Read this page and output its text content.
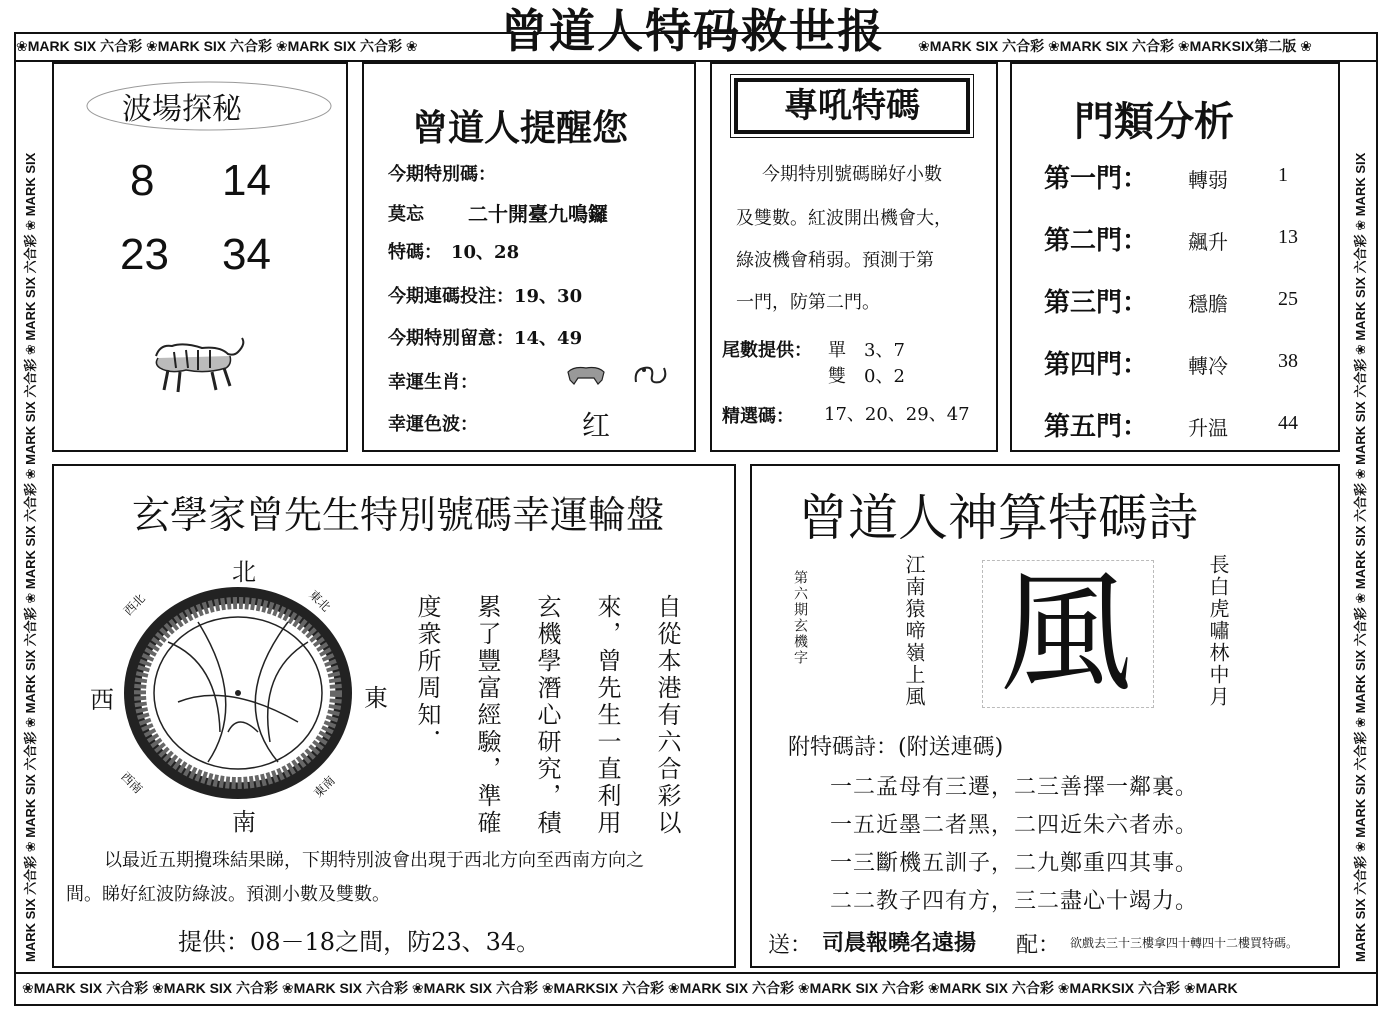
曾道人特码救世报
❀MARK SIX 六合彩 ❀MARK SIX 六合彩 ❀MARK SIX 六合彩 ❀	❀MARK SIX 六合彩 ❀MARK SIX 六合彩 ❀MARKSIX第二版 ❀
MARK SIX 六合彩 ❀ MARK SIX 六合彩 ❀ MARK SIX 六合彩 ❀ MARK SIX 六合彩 ❀ MARK SIX 六合彩 ❀ MARK SIX 六合彩 ❀ MARK SIX	MARK SIX 六合彩 ❀ MARK SIX 六合彩 ❀ MARK SIX 六合彩 ❀ MARK SIX 六合彩 ❀ MARK SIX 六合彩 ❀ MARK SIX 六合彩 ❀ MARK SIX
❀MARK SIX 六合彩 ❀MARK SIX 六合彩 ❀MARK SIX 六合彩 ❀MARK SIX 六合彩 ❀MARKSIX 六合彩 ❀MARK SIX 六合彩 ❀MARK SIX 六合彩 ❀MARK SIX 六合彩 ❀MARKSIX 六合彩 ❀MARK
波場探秘
8 14
23 34
曾道人提醒您
今期特別碼：
莫忘 二十開臺九鳴鑼
特碼：　10、28
今期連碼投注：19、30
今期特別留意：14、49
幸運生肖：
幸運色波：	红
專吼特碼
今期特別號碼睇好小數
及雙數。紅波開出機會大，
綠波機會稍弱。預測于第
一門，防第二門。
尾數提供： 單　3、7
雙　0、2
精選碼： 17、20、29、47
門類分析
第一門： 轉弱	1
第二門： 飆升	13
第三門： 穩膽	25
第四門： 轉冷	38
第五門： 升温	44
玄學家曾先生特別號碼幸運輪盤
北
南
東
西
西北	東北
西南	東南	自從本港有六合彩以
來，曾先生一直利用
玄機學潛心研究，積
累了豐富經驗，準確
度衆所周知．
以最近五期攪珠結果睇，下期特別波會出現于西北方向至西南方向之
間。睇好紅波防綠波。預測小數及雙數。
提供：08－18之間，防23、34。
曾道人神算特碼詩
第六期玄機字	江南猿啼嶺上風 風	長白虎嘯林中月
附特碼詩：(附送連碼)
一二孟母有三遷，二三善擇一鄰裏。
一五近墨二者黑，二四近朱六者赤。
一三斷機五訓子，二九鄭重四其事。
二二教子四有方，三二盡心十竭力。
送： 司晨報曉名遠揚 配： 欲戲去三十三樓拿四十轉四十二樓買特碼。
